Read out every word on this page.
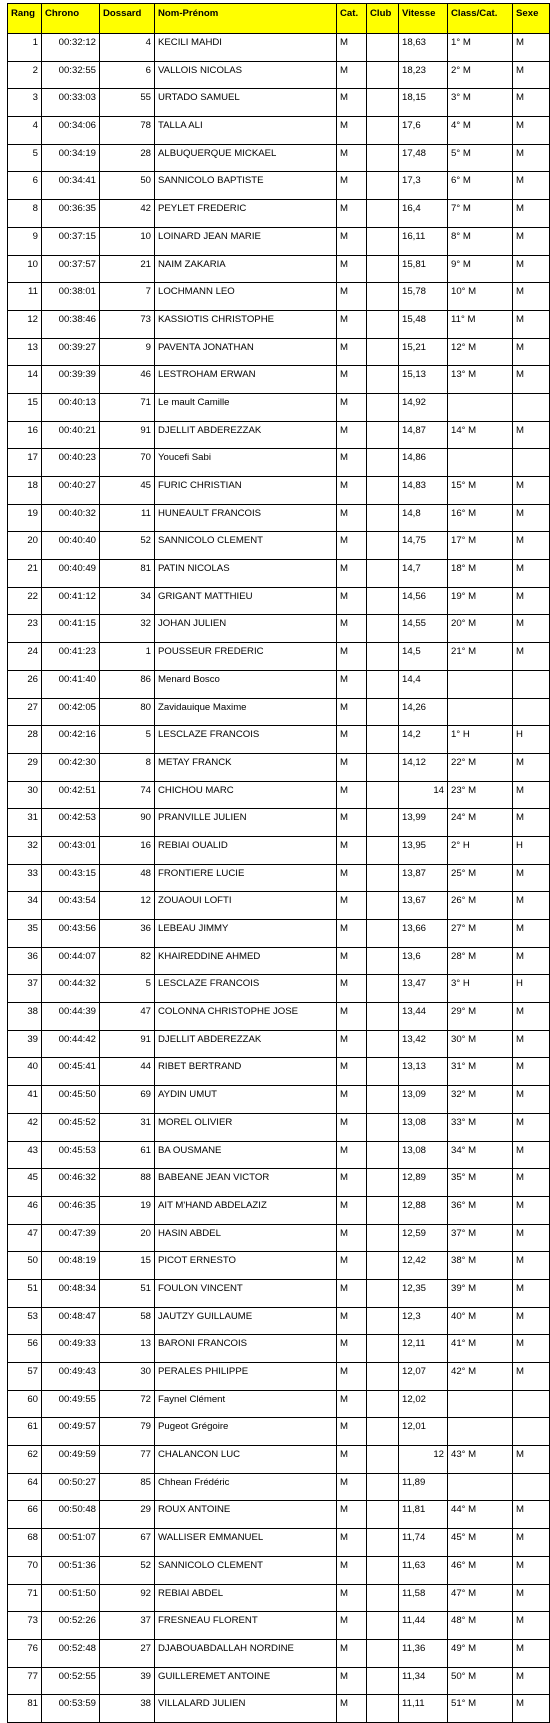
Rang	Chrono	Dossard	Nom-Prénom	Cat.	Club	Vitesse	Class/Cat.	Sexe
1	00:32:12	4	KECILI MAHDI	M		18,63	1° M	M
2	00:32:55	6	VALLOIS NICOLAS	M		18,23	2° M	M
3	00:33:03	55	URTADO SAMUEL	M		18,15	3° M	M
4	00:34:06	78	TALLA ALI	M		17,6	4° M	M
5	00:34:19	28	ALBUQUERQUE MICKAEL	M		17,48	5° M	M
6	00:34:41	50	SANNICOLO BAPTISTE	M		17,3	6° M	M
8	00:36:35	42	PEYLET FREDERIC	M		16,4	7° M	M
9	00:37:15	10	LOINARD JEAN MARIE	M		16,11	8° M	M
10	00:37:57	21	NAIM ZAKARIA	M		15,81	9° M	M
11	00:38:01	7	LOCHMANN LEO	M		15,78	10° M	M
12	00:38:46	73	KASSIOTIS CHRISTOPHE	M		15,48	11° M	M
13	00:39:27	9	PAVENTA JONATHAN	M		15,21	12° M	M
14	00:39:39	46	LESTROHAM ERWAN	M		15,13	13° M	M
15	00:40:13	71	Le mault Camille	M		14,92		
16	00:40:21	91	DJELLIT ABDEREZZAK	M		14,87	14° M	M
17	00:40:23	70	Youcefi Sabi	M		14,86		
18	00:40:27	45	FURIC CHRISTIAN	M		14,83	15° M	M
19	00:40:32	11	HUNEAULT FRANCOIS	M		14,8	16° M	M
20	00:40:40	52	SANNICOLO CLEMENT	M		14,75	17° M	M
21	00:40:49	81	PATIN NICOLAS	M		14,7	18° M	M
22	00:41:12	34	GRIGANT MATTHIEU	M		14,56	19° M	M
23	00:41:15	32	JOHAN JULIEN	M		14,55	20° M	M
24	00:41:23	1	POUSSEUR FREDERIC	M		14,5	21° M	M
26	00:41:40	86	Menard Bosco	M		14,4		
27	00:42:05	80	Zavidauique Maxime	M		14,26		
28	00:42:16	5	LESCLAZE FRANCOIS	M		14,2	1° H	H
29	00:42:30	8	METAY FRANCK	M		14,12	22° M	M
30	00:42:51	74	CHICHOU MARC	M		14	23° M	M
31	00:42:53	90	PRANVILLE JULIEN	M		13,99	24° M	M
32	00:43:01	16	REBIAI OUALID	M		13,95	2° H	H
33	00:43:15	48	FRONTIERE LUCIE	M		13,87	25° M	M
34	00:43:54	12	ZOUAOUI LOFTI	M		13,67	26° M	M
35	00:43:56	36	LEBEAU JIMMY	M		13,66	27° M	M
36	00:44:07	82	KHAIREDDINE AHMED	M		13,6	28° M	M
37	00:44:32	5	LESCLAZE FRANCOIS	M		13,47	3° H	H
38	00:44:39	47	COLONNA CHRISTOPHE JOSE	M		13,44	29° M	M
39	00:44:42	91	DJELLIT ABDEREZZAK	M		13,42	30° M	M
40	00:45:41	44	RIBET BERTRAND	M		13,13	31° M	M
41	00:45:50	69	AYDIN UMUT	M		13,09	32° M	M
42	00:45:52	31	MOREL OLIVIER	M		13,08	33° M	M
43	00:45:53	61	BA OUSMANE	M		13,08	34° M	M
45	00:46:32	88	BABEANE JEAN VICTOR	M		12,89	35° M	M
46	00:46:35	19	AIT M'HAND ABDELAZIZ	M		12,88	36° M	M
47	00:47:39	20	HASIN ABDEL	M		12,59	37° M	M
50	00:48:19	15	PICOT ERNESTO	M		12,42	38° M	M
51	00:48:34	51	FOULON VINCENT	M		12,35	39° M	M
53	00:48:47	58	JAUTZY GUILLAUME	M		12,3	40° M	M
56	00:49:33	13	BARONI FRANCOIS	M		12,11	41° M	M
57	00:49:43	30	PERALES PHILIPPE	M		12,07	42° M	M
60	00:49:55	72	Faynel Clément	M		12,02		
61	00:49:57	79	Pugeot Grégoire	M		12,01		
62	00:49:59	77	CHALANCON LUC	M		12	43° M	M
64	00:50:27	85	Chhean Frédéric	M		11,89		
66	00:50:48	29	ROUX ANTOINE	M		11,81	44° M	M
68	00:51:07	67	WALLISER EMMANUEL	M		11,74	45° M	M
70	00:51:36	52	SANNICOLO CLEMENT	M		11,63	46° M	M
71	00:51:50	92	REBIAI ABDEL	M		11,58	47° M	M
73	00:52:26	37	FRESNEAU FLORENT	M		11,44	48° M	M
76	00:52:48	27	DJABOUABDALLAH NORDINE	M		11,36	49° M	M
77	00:52:55	39	GUILLEREMET ANTOINE	M		11,34	50° M	M
81	00:53:59	38	VILLALARD JULIEN	M		11,11	51° M	M
